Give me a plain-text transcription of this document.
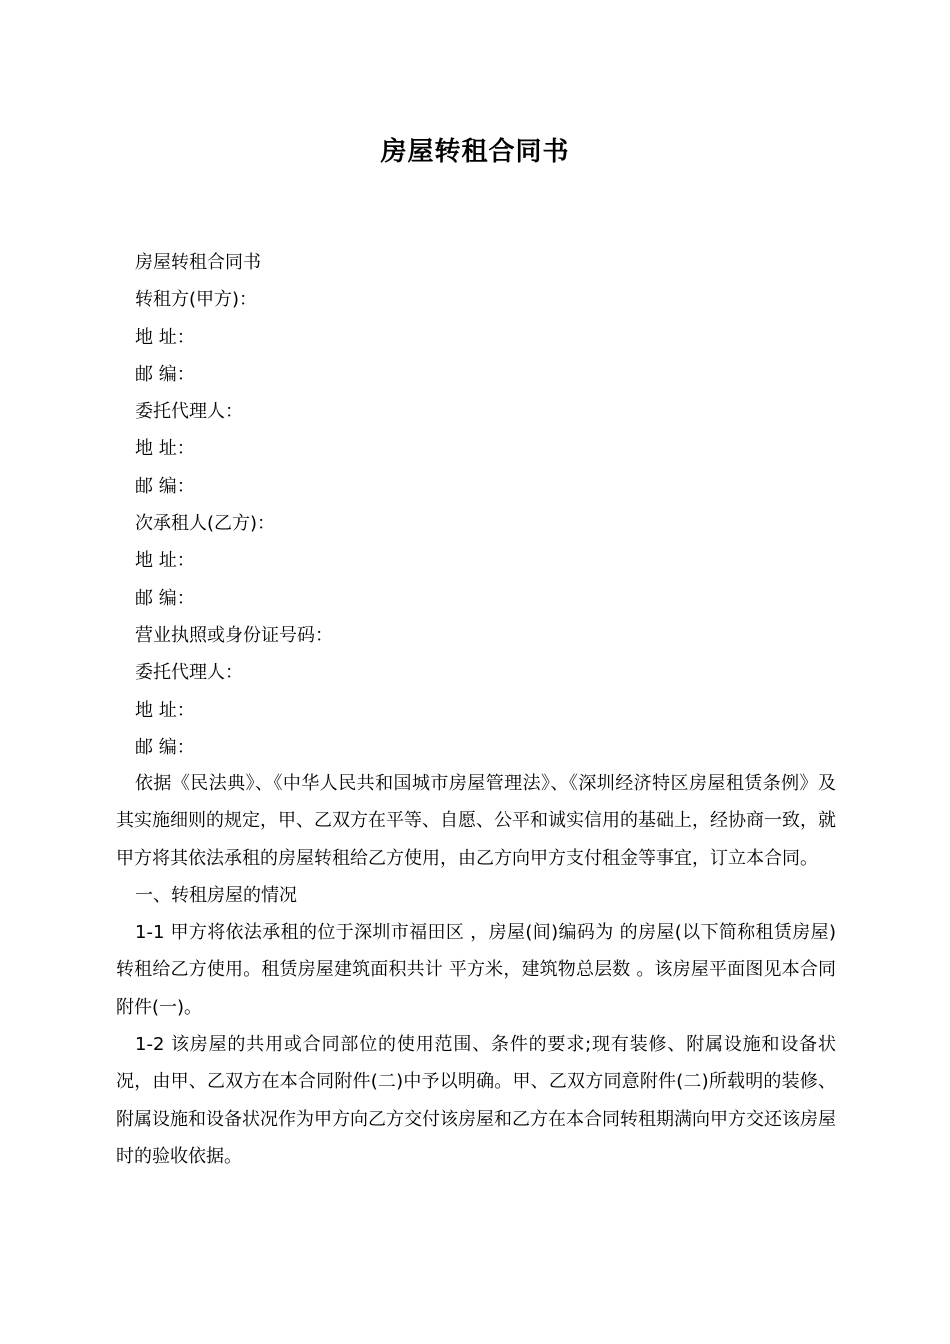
房屋转租合同书
房屋转租合同书
转租方(甲方)：
地 址：
邮 编：
委托代理人：
地 址：
邮 编：
次承租人(乙方)：
地 址：
邮 编：
营业执照或身份证号码：
委托代理人：
地 址：
邮 编：

依据《民法典》、《中华人民共和国城市房屋管理法》、《深圳经济特区房屋租赁条例》及其实施细则的规定，甲、乙双方在平等、自愿、公平和诚实信用的基础上，经协商一致，就甲方将其依法承租的房屋转租给乙方使用，由乙方向甲方支付租金等事宜，订立本合同。

一、转租房屋的情况

1-1 甲方将依法承租的位于深圳市福田区 ，房屋(间)编码为 的房屋(以下简称租赁房屋)转租给乙方使用。租赁房屋建筑面积共计 平方米，建筑物总层数 。该房屋平面图见本合同附件(一)。

1-2 该房屋的共用或合同部位的使用范围、条件的要求;现有装修、附属设施和设备状况，由甲、乙双方在本合同附件(二)中予以明确。甲、乙双方同意附件(二)所载明的装修、附属设施和设备状况作为甲方向乙方交付该房屋和乙方在本合同转租期满向甲方交还该房屋时的验收依据。
